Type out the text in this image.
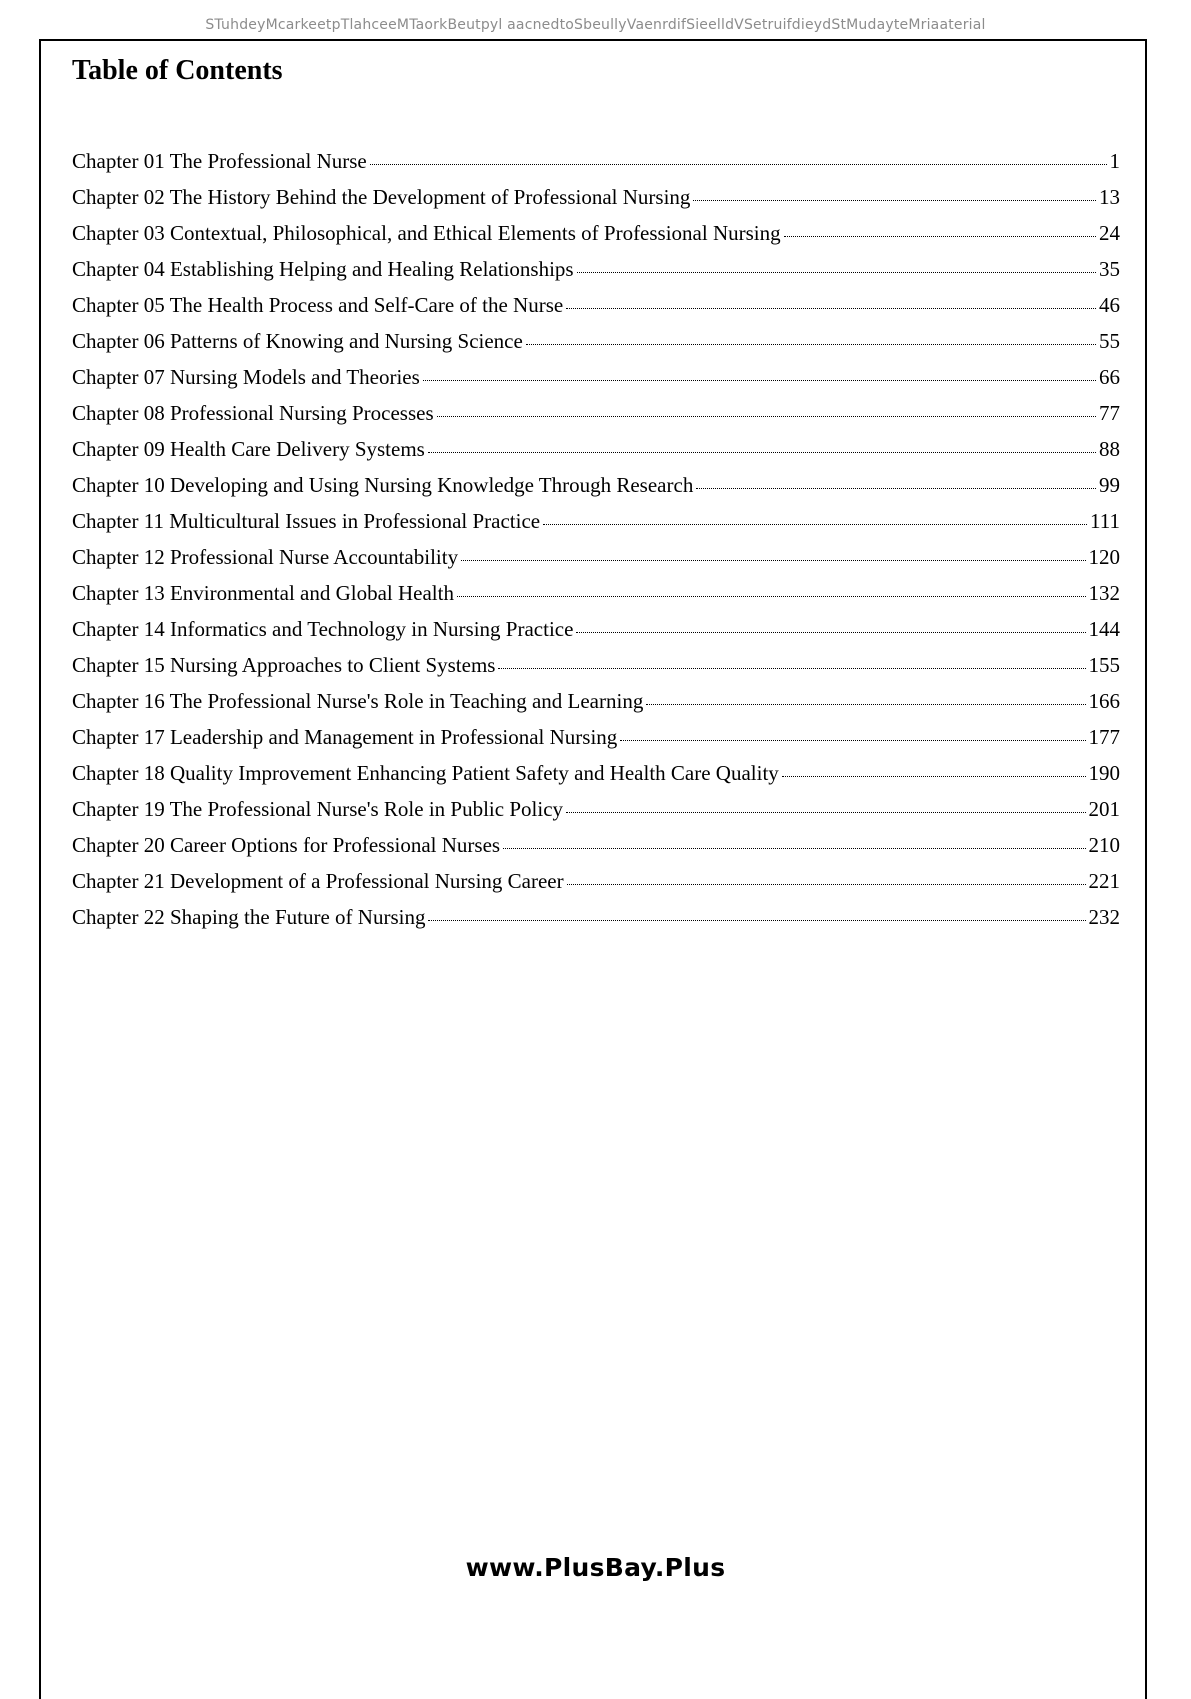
STuhdeyMcarkeetpTlahceeMTaorkBeutpyl aacnedtoSbeullyVaenrdifSieelldVSetruifdieydStMudayteMriaaterial
Table of Contents
Chapter 01 The Professional Nurse	1
Chapter 02 The History Behind the Development of Professional Nursing	13
Chapter 03 Contextual, Philosophical, and Ethical Elements of Professional Nursing	24
Chapter 04 Establishing Helping and Healing Relationships	35
Chapter 05 The Health Process and Self-Care of the Nurse	46
Chapter 06 Patterns of Knowing and Nursing Science	55
Chapter 07 Nursing Models and Theories	66
Chapter 08 Professional Nursing Processes	77
Chapter 09 Health Care Delivery Systems	88
Chapter 10 Developing and Using Nursing Knowledge Through Research	99
Chapter 11 Multicultural Issues in Professional Practice	111
Chapter 12 Professional Nurse Accountability	120
Chapter 13 Environmental and Global Health	132
Chapter 14 Informatics and Technology in Nursing Practice	144
Chapter 15 Nursing Approaches to Client Systems	155
Chapter 16 The Professional Nurse's Role in Teaching and Learning	166
Chapter 17 Leadership and Management in Professional Nursing	177
Chapter 18 Quality Improvement Enhancing Patient Safety and Health Care Quality	190
Chapter 19 The Professional Nurse's Role in Public Policy	201
Chapter 20 Career Options for Professional Nurses	210
Chapter 21 Development of a Professional Nursing Career	221
Chapter 22 Shaping the Future of Nursing	232
www.PlusBay.Plus
